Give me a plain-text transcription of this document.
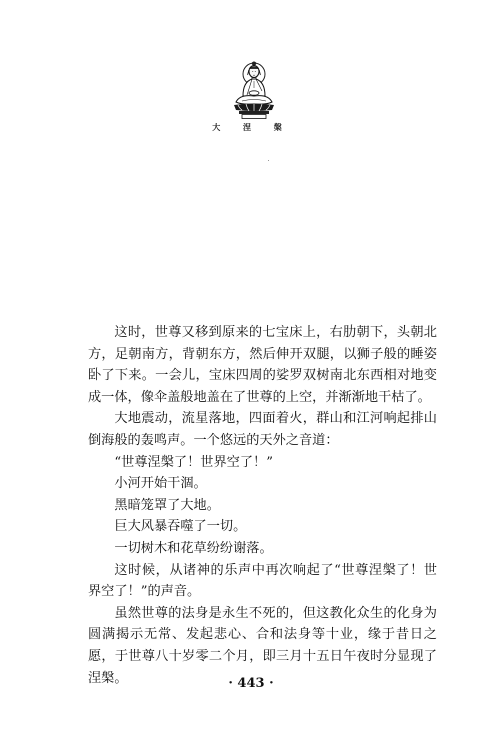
大 涅 槃

这时，世尊又移到原来的七宝床上，右肋朝下，头朝北方，足朝南方，背朝东方，然后伸开双腿，以狮子般的睡姿卧了下来。一会儿，宝床四周的娑罗双树南北东西相对地变成一体，像伞盖般地盖在了世尊的上空，并渐渐地干枯了。

大地震动，流星落地，四面着火，群山和江河响起排山倒海般的轰鸣声。一个悠远的天外之音道：

“世尊涅槃了！世界空了！”

小河开始干涸。

黑暗笼罩了大地。

巨大风暴吞噬了一切。

一切树木和花草纷纷谢落。

这时候，从诸神的乐声中再次响起了“世尊涅槃了！世界空了！”的声音。

虽然世尊的法身是永生不死的，但这教化众生的化身为圆满揭示无常、发起悲心、合和法身等十业，缘于昔日之愿，于世尊八十岁零二个月，即三月十五日午夜时分显现了涅槃。	· 443 ·
